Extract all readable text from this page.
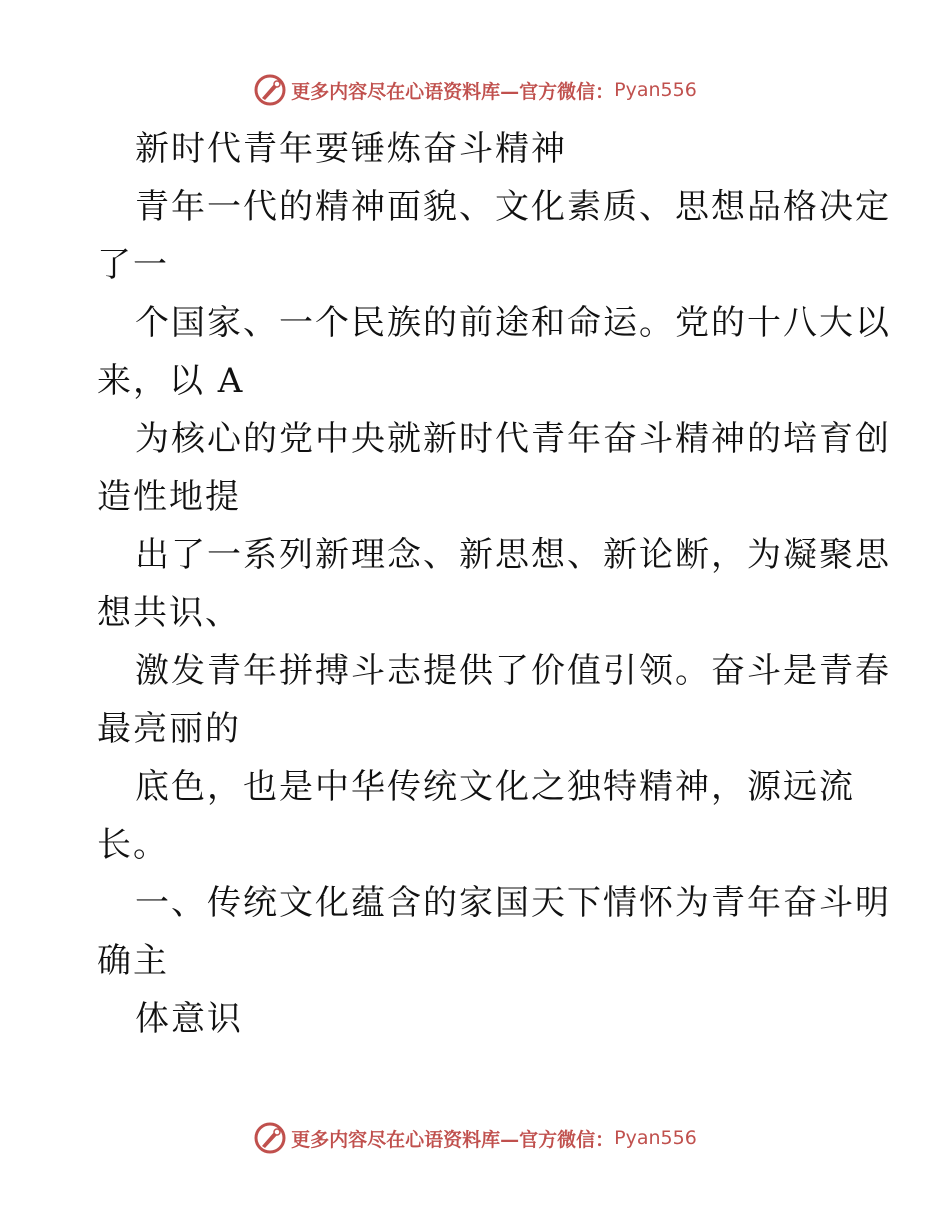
更多内容尽在心语资料库—官方微信： Pyan556
新时代青年要锤炼奋斗精神
青年一代的精神面貌、文化素质、思想品格决定
了一
个国家、一个民族的前途和命运。党的十八大以
来，以 A
为核心的党中央就新时代青年奋斗精神的培育创
造性地提
出了一系列新理念、新思想、新论断，为凝聚思
想共识、
激发青年拼搏斗志提供了价值引领。奋斗是青春
最亮丽的
底色，也是中华传统文化之独特精神，源远流
长。
一、传统文化蕴含的家国天下情怀为青年奋斗明
确主
体意识
更多内容尽在心语资料库—官方微信： Pyan556
